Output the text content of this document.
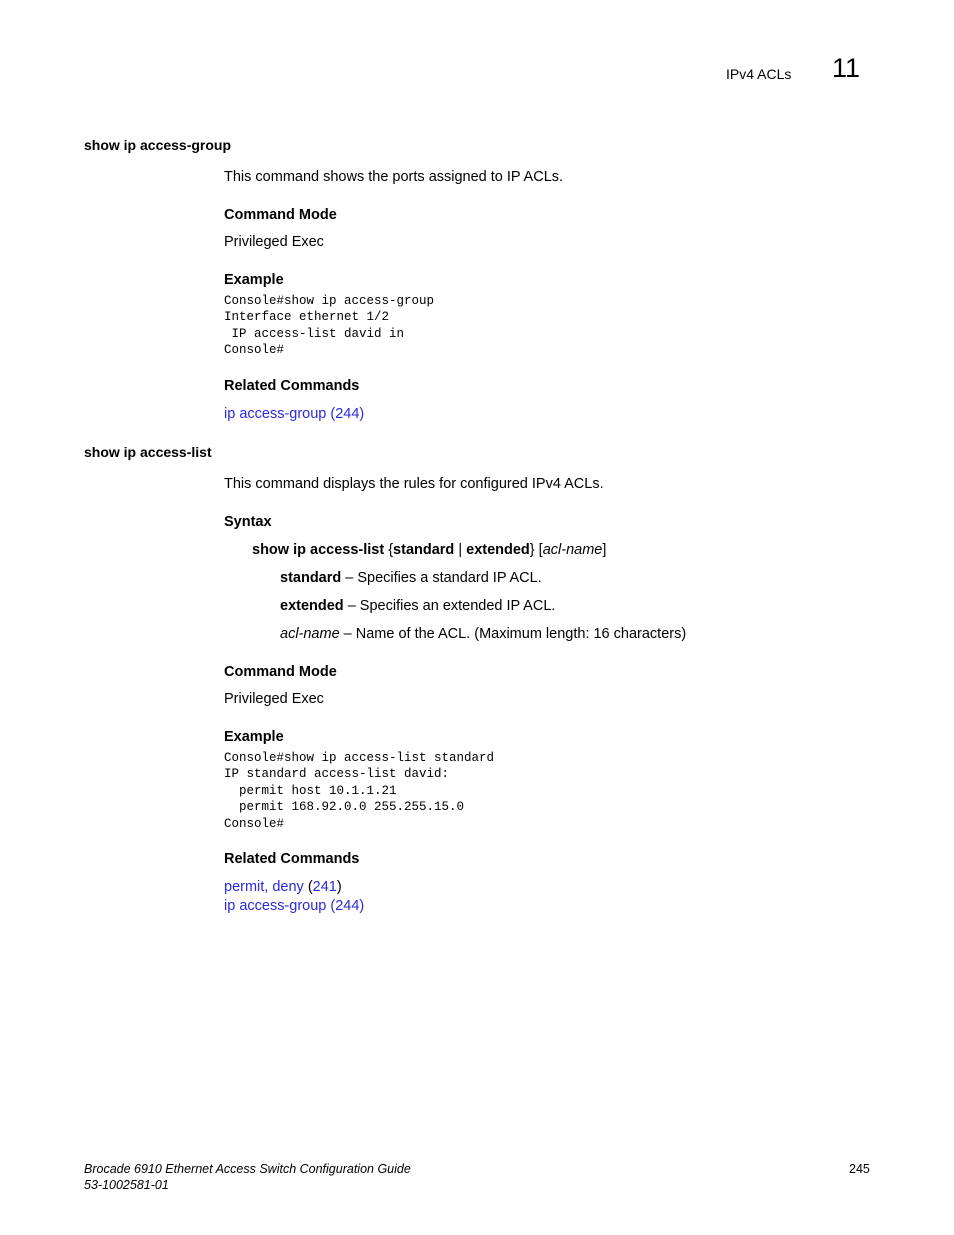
IPv4 ACLs 11
show ip access-group
This command shows the ports assigned to IP ACLs.
Command Mode
Privileged Exec
Example
Console#show ip access-group
Interface ethernet 1/2
IP access-list david in
Console#
Related Commands
ip access-group (244)
show ip access-list
This command displays the rules for configured IPv4 ACLs.
Syntax
show ip access-list {standard | extended} [acl-name]
standard – Specifies a standard IP ACL.
extended – Specifies an extended IP ACL.
acl-name – Name of the ACL. (Maximum length: 16 characters)
Command Mode
Privileged Exec
Example
Console#show ip access-list standard
IP standard access-list david:
permit host 10.1.1.21
permit 168.92.0.0 255.255.15.0
Console#
Related Commands
permit, deny (241)
ip access-group (244)
Brocade 6910 Ethernet Access Switch Configuration Guide
53-1002581-01
245
